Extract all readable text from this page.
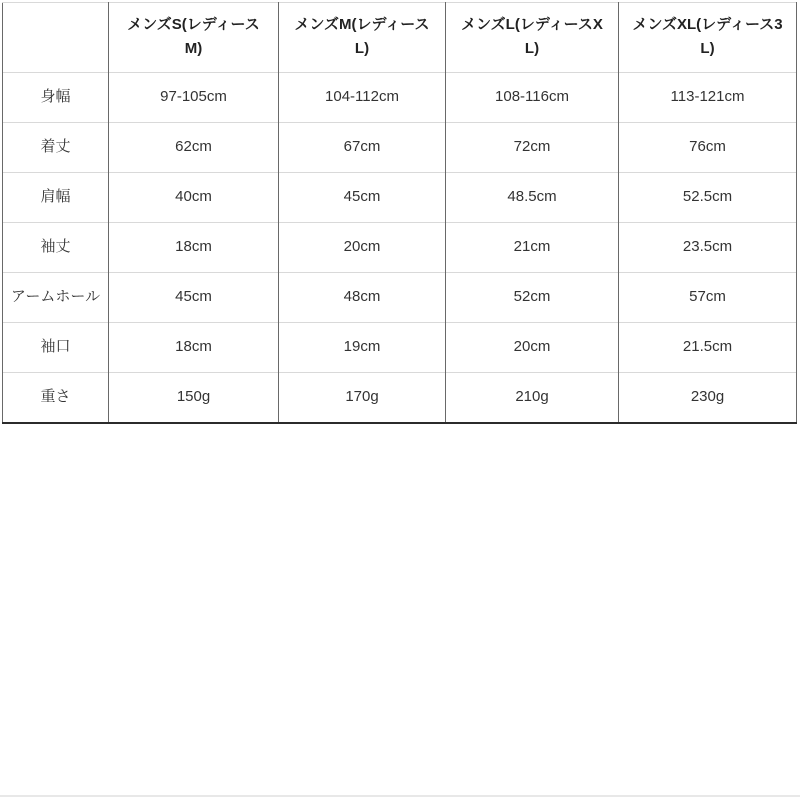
	メンズS(レディースM)	メンズM(レディースL)	メンズL(レディースXL)	メンズXL(レディース3L)
身幅	97-105cm	104-112cm	108-116cm	113-121cm
着丈	62cm	67cm	72cm	76cm
肩幅	40cm	45cm	48.5cm	52.5cm
袖丈	18cm	20cm	21cm	23.5cm
アームホール	45cm	48cm	52cm	57cm
袖口	18cm	19cm	20cm	21.5cm
重さ	150g	170g	210g	230g
